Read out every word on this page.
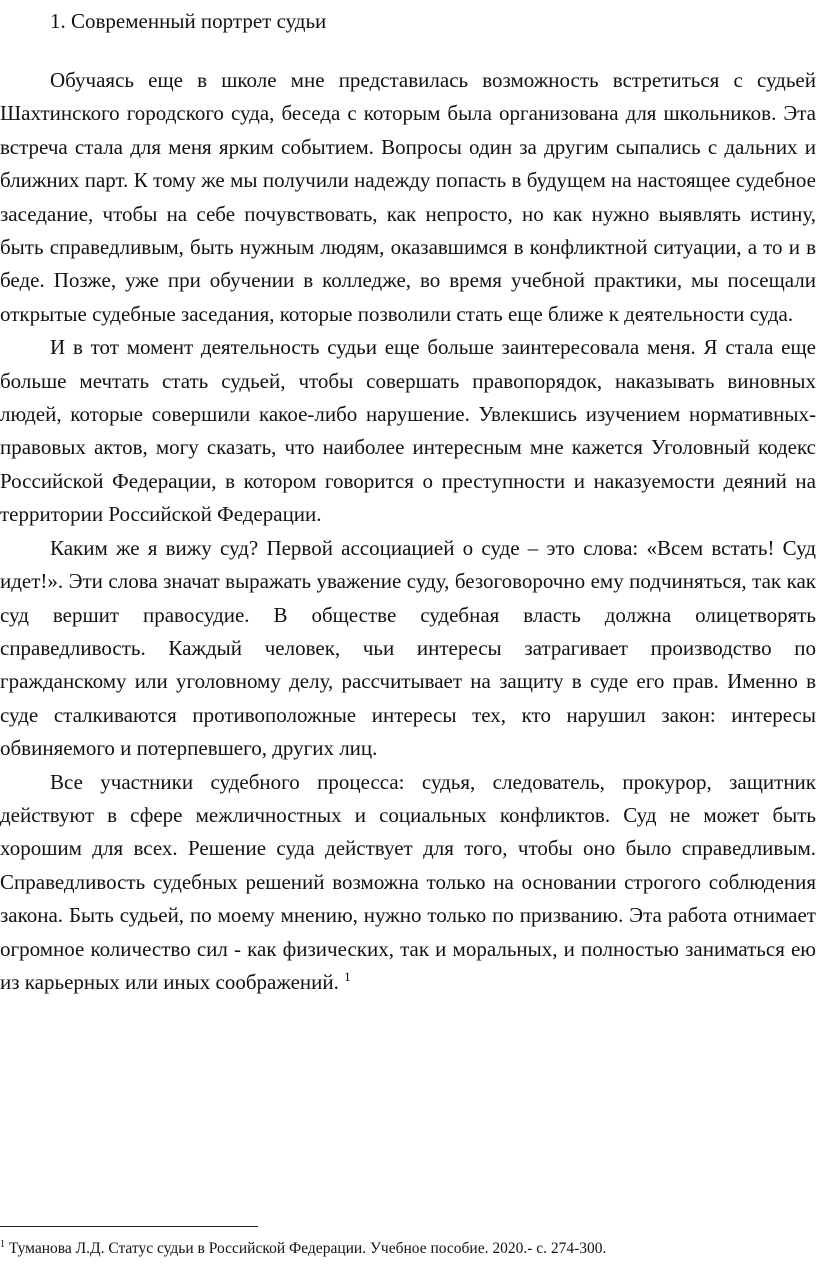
1. Современный портрет судьи

Обучаясь еще в школе мне представилась возможность встретиться с судьей Шахтинского городского суда, беседа с которым была организована для школьников. Эта встреча стала для меня ярким событием. Вопросы один за другим сыпались с дальних и ближних парт. К тому же мы получили надежду попасть в будущем на настоящее судебное заседание, чтобы на себе почувствовать, как непросто, но как нужно выявлять истину, быть справедливым, быть нужным людям, оказавшимся в конфликтной ситуации, а то и в беде. Позже, уже при обучении в колледже, во время учебной практики, мы посещали открытые судебные заседания, которые позволили стать еще ближе к деятельности суда.

И в тот момент деятельность судьи еще больше заинтересовала меня. Я стала еще больше мечтать стать судьей, чтобы совершать правопорядок, наказывать виновных людей, которые совершили какое-либо нарушение. Увлекшись изучением нормативных-правовых актов, могу сказать, что наиболее интересным мне кажется Уголовный кодекс Российской Федерации, в котором говорится о преступности и наказуемости деяний на территории Российской Федерации.

Каким же я вижу суд? Первой ассоциацией о суде – это слова: «Всем встать! Суд идет!». Эти слова значат выражать уважение суду, безоговорочно ему подчиняться, так как суд вершит правосудие. В обществе судебная власть должна олицетворять справедливость. Каждый человек, чьи интересы затрагивает производство по гражданскому или уголовному делу, рассчитывает на защиту в суде его прав. Именно в суде сталкиваются противоположные интересы тех, кто нарушил закон: интересы обвиняемого и потерпевшего, других лиц.

Все участники судебного процесса: судья, следователь, прокурор, защитник действуют в сфере межличностных и социальных конфликтов. Суд не может быть хорошим для всех. Решение суда действует для того, чтобы оно было справедливым. Справедливость судебных решений возможна только на основании строгого соблюдения закона. Быть судьей, по моему мнению, нужно только по призванию. Эта работа отнимает огромное количество сил - как физических, так и моральных, и полностью заниматься ею из карьерных или иных соображений. $^1$

$^1$ Туманова Л.Д. Статус судьи в Российской Федерации. Учебное пособие. 2020.- с. 274-300.
